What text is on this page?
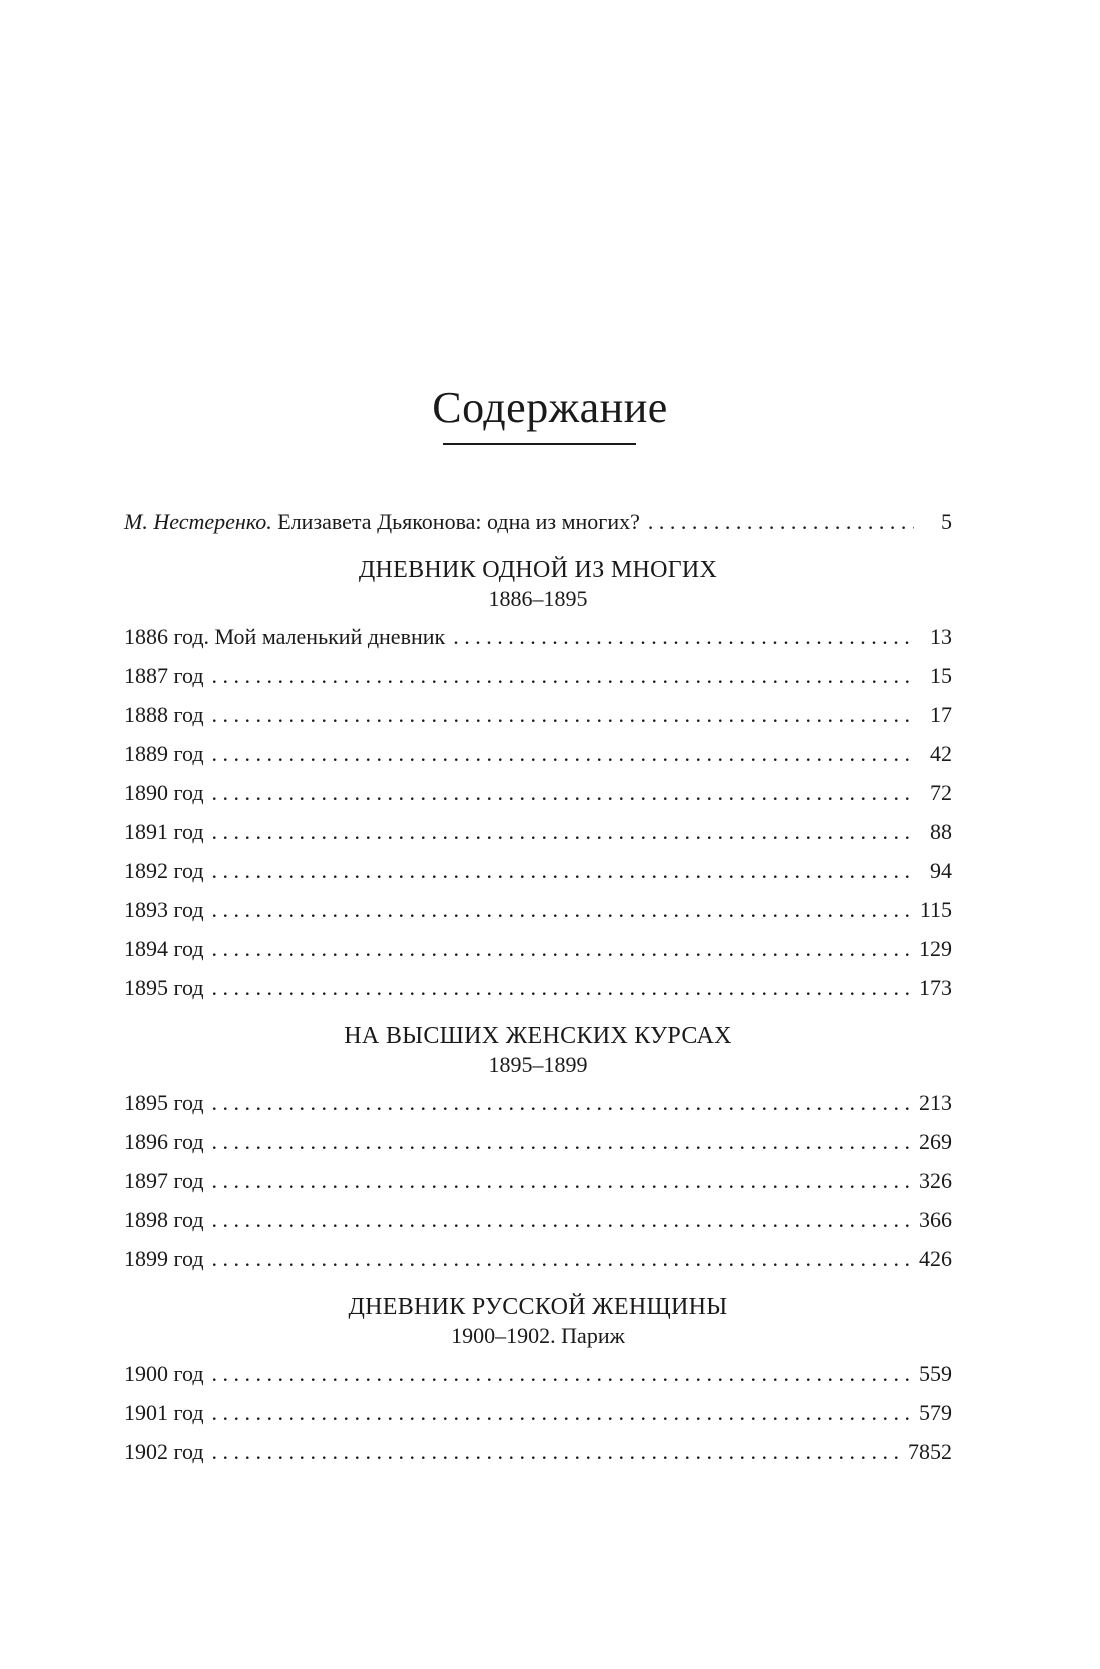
Содержание
М. Нестеренко. Елизавета Дьяконова: одна из многих? . . .	5
ДНЕВНИК ОДНОЙ ИЗ МНОГИХ
1886–1895
1886 год. Мой маленький дневник . . .	13
1887 год . . .	15
1888 год . . .	17
1889 год . . .	42
1890 год . . .	72
1891 год . . .	88
1892 год . . .	94
1893 год . . .	115
1894 год . . .	129
1895 год . . .	173
НА ВЫСШИХ ЖЕНСКИХ КУРСАХ
1895–1899
1895 год . . .	213
1896 год . . .	269
1897 год . . .	326
1898 год . . .	366
1899 год . . .	426
ДНЕВНИК РУССКОЙ ЖЕНЩИНЫ
1900–1902. Париж
1900 год . . .	559
1901 год . . .	579
1902 год . . .	7852
